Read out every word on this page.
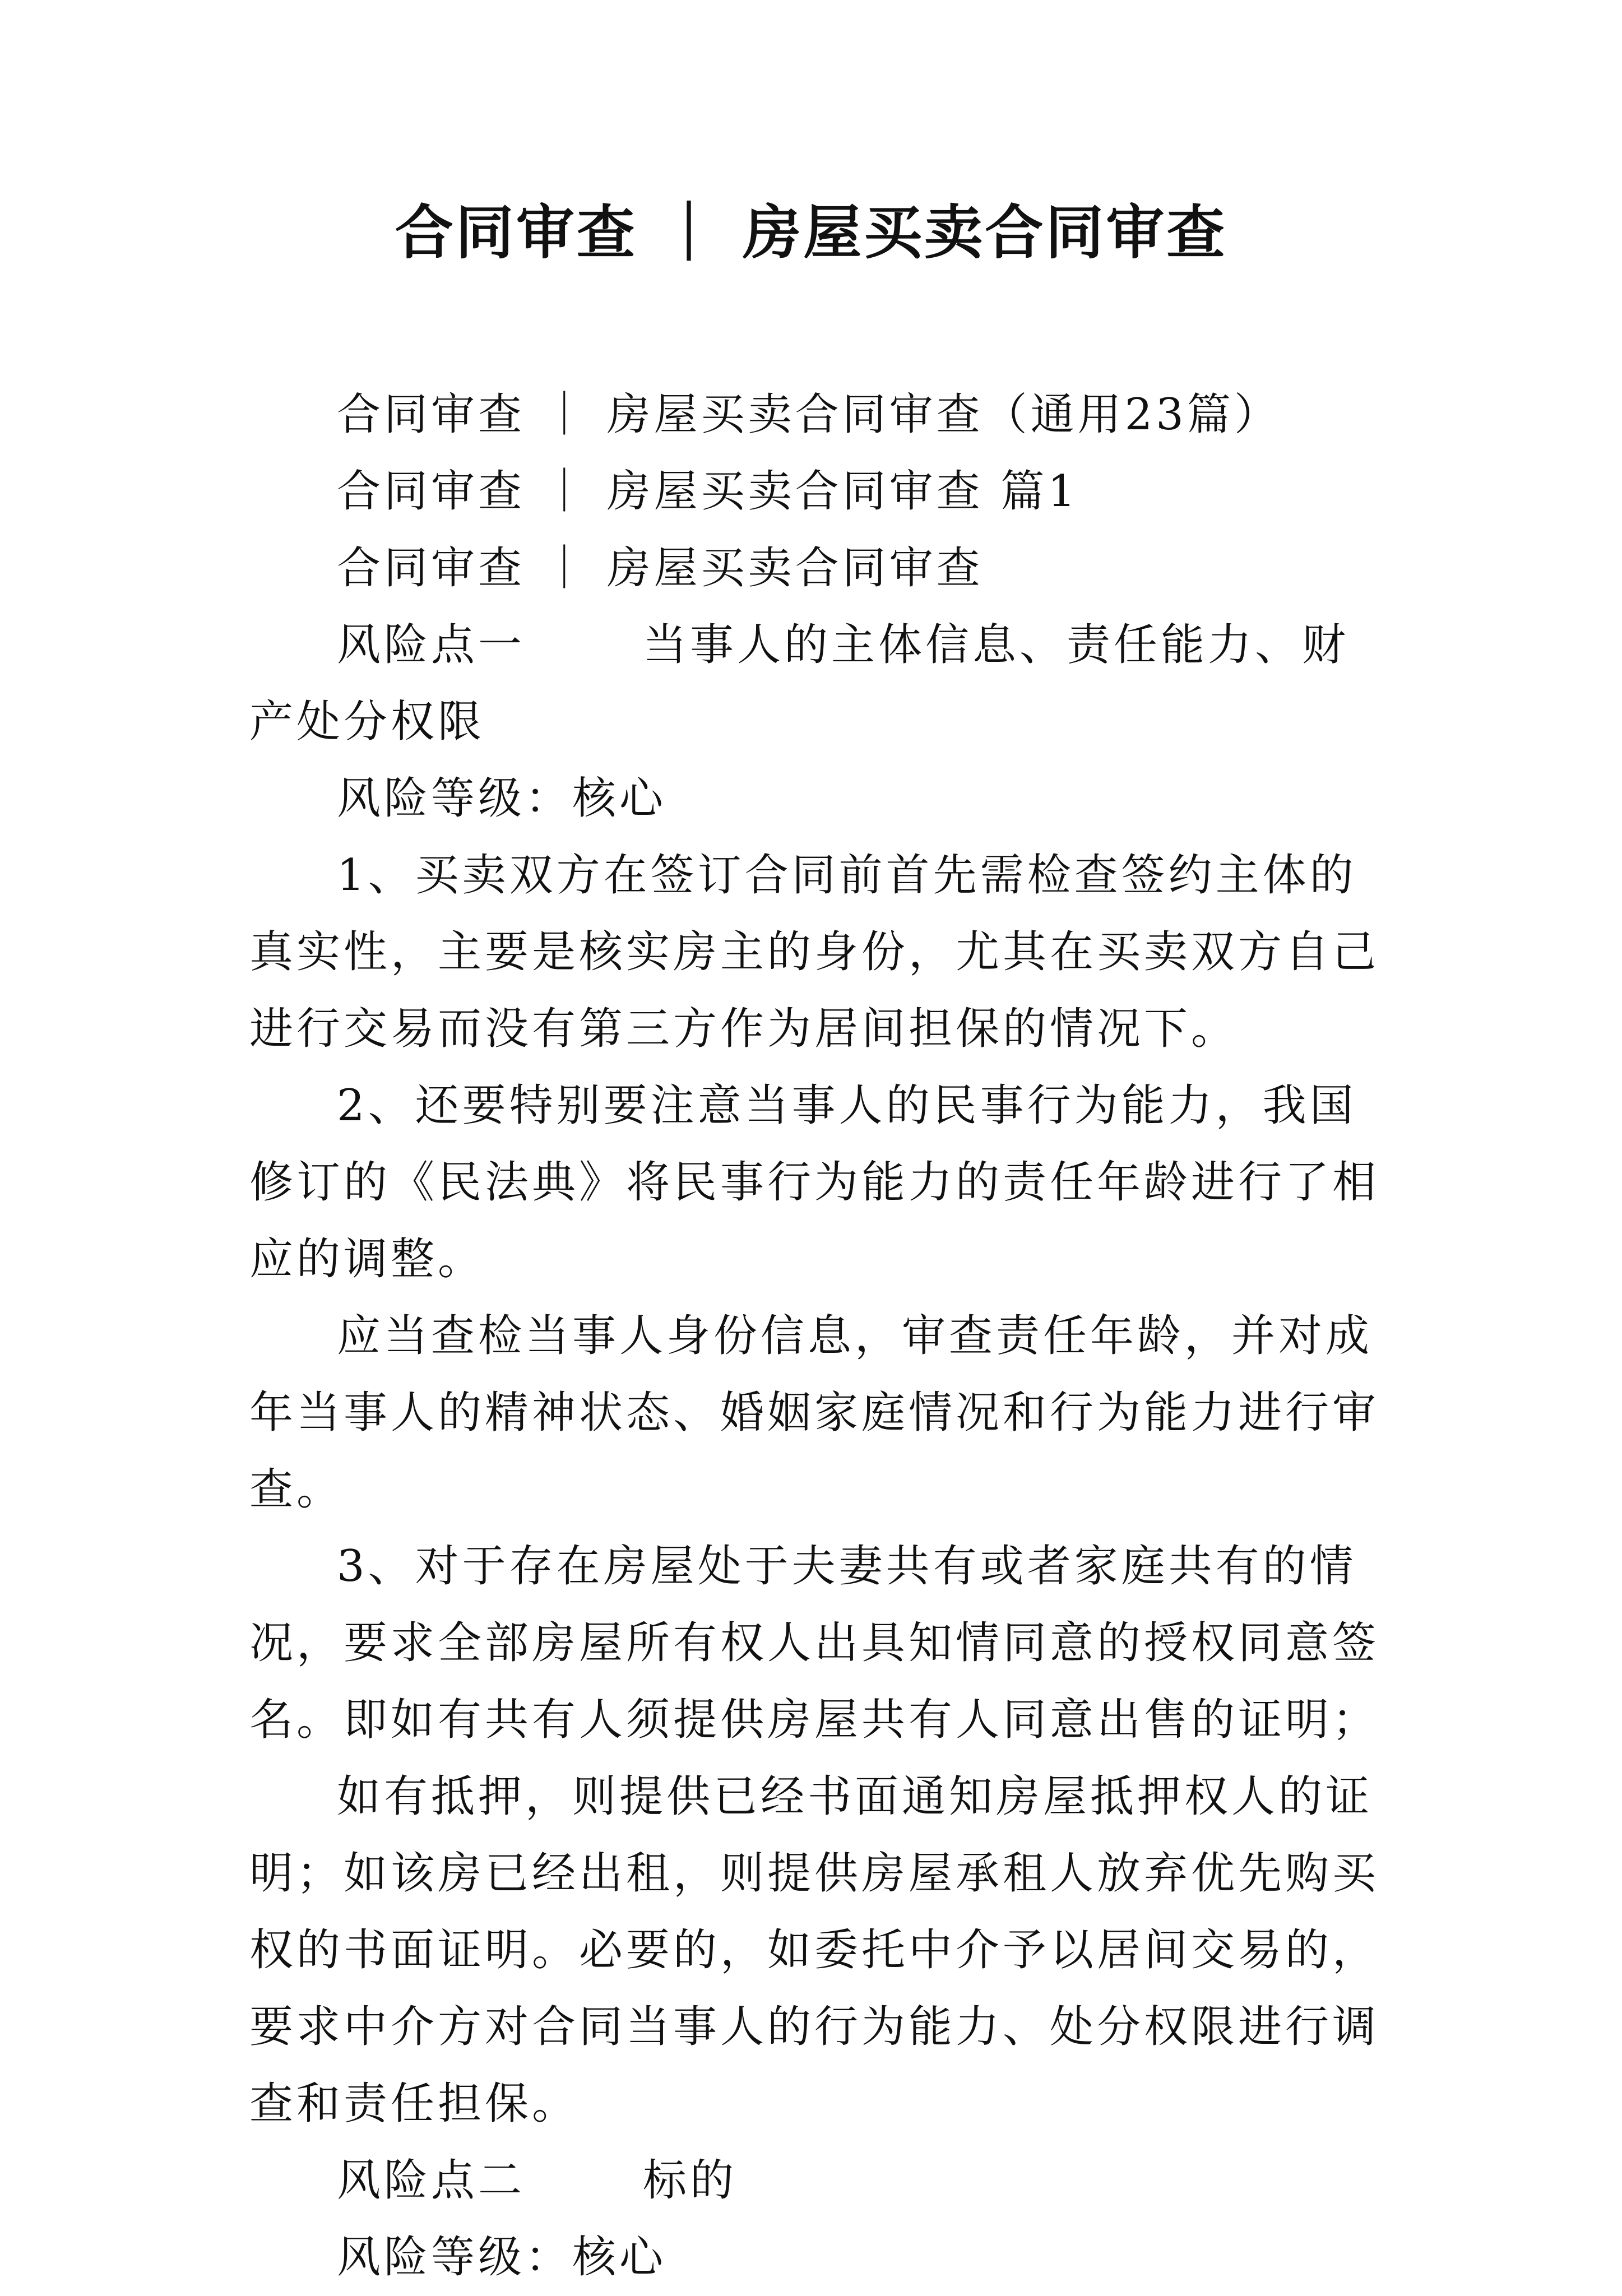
合同审查 ｜ 房屋买卖合同审查

合同审查 ｜ 房屋买卖合同审查（通用23篇）

合同审查 ｜ 房屋买卖合同审查 篇1

合同审查 ｜ 房屋买卖合同审查

风险点一	当事人的主体信息、责任能力、财产处分权限

风险等级：核心

1、买卖双方在签订合同前首先需检查签约主体的真实性，主要是核实房主的身份，尤其在买卖双方自己进行交易而没有第三方作为居间担保的情况下。

2、还要特别要注意当事人的民事行为能力，我国修订的《民法典》将民事行为能力的责任年龄进行了相应的调整。

应当查检当事人身份信息，审查责任年龄，并对成年当事人的精神状态、婚姻家庭情况和行为能力进行审查。

3、对于存在房屋处于夫妻共有或者家庭共有的情况，要求全部房屋所有权人出具知情同意的授权同意签名。即如有共有人须提供房屋共有人同意出售的证明；

如有抵押，则提供已经书面通知房屋抵押权人的证明；如该房已经出租，则提供房屋承租人放弃优先购买权的书面证明。必要的，如委托中介予以居间交易的，要求中介方对合同当事人的行为能力、处分权限进行调查和责任担保。

风险点二	标的

风险等级：核心
